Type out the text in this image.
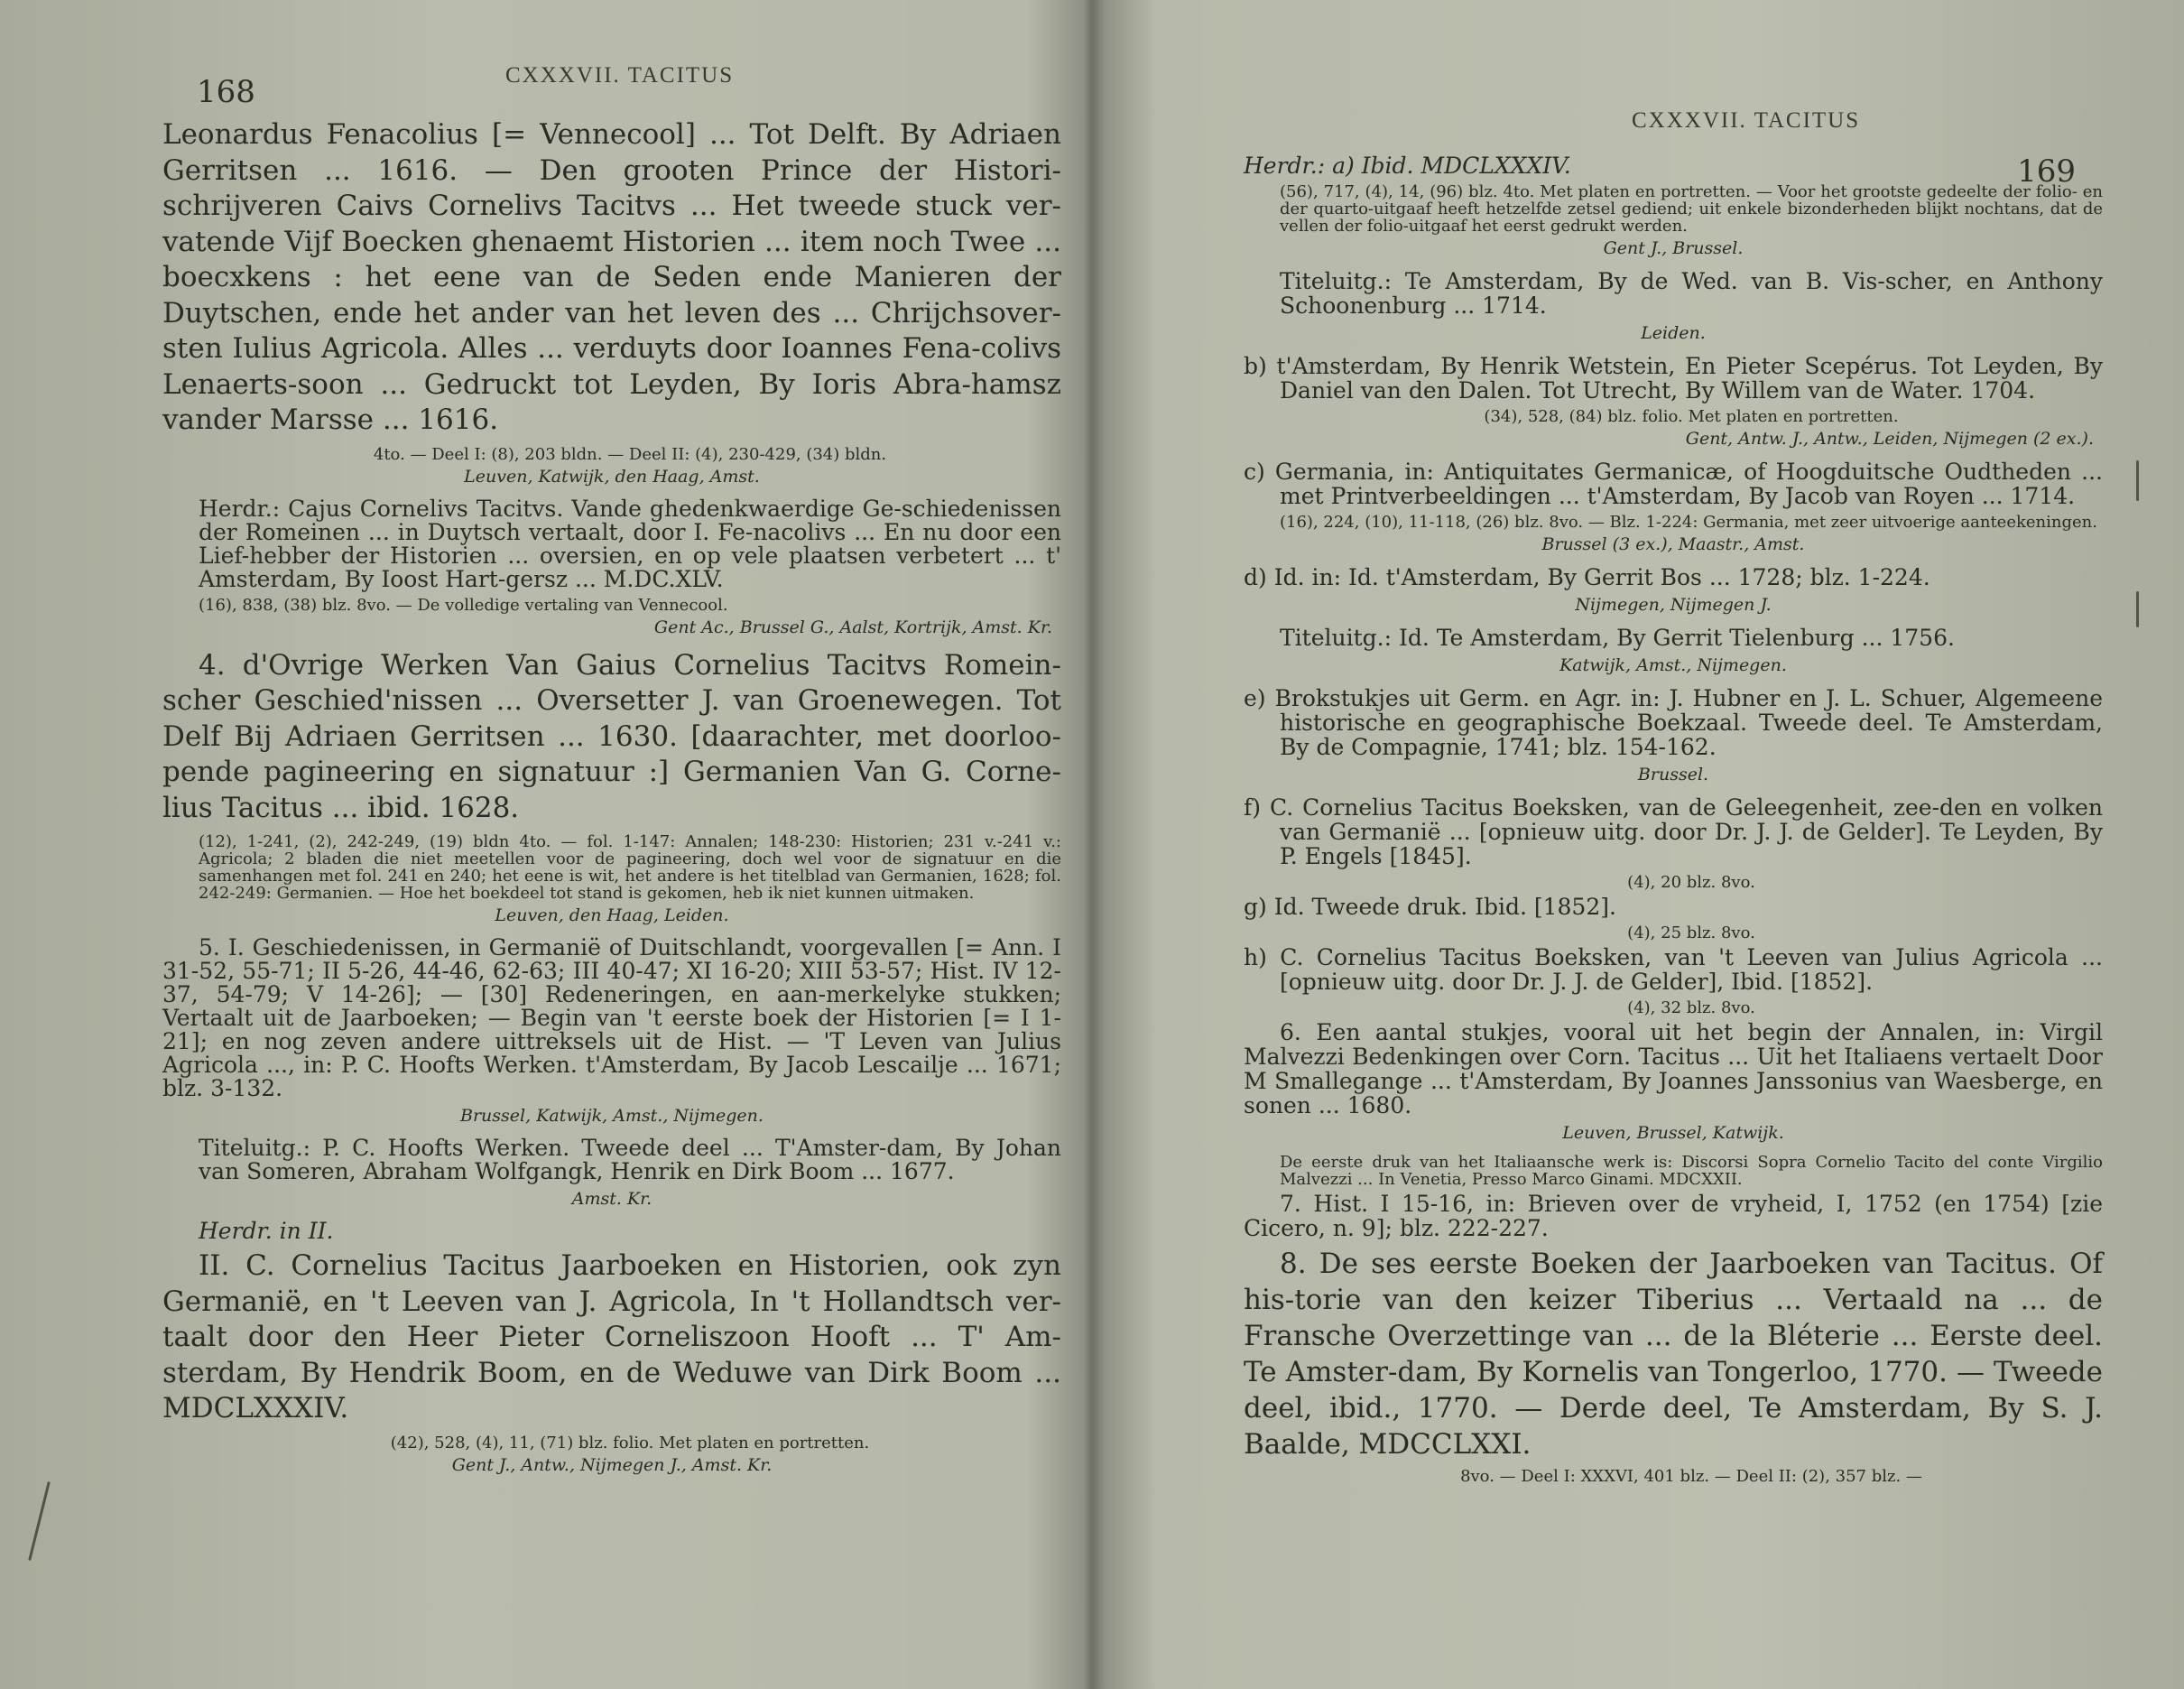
168	CXXXVII. TACITUS

Leonardus Fenacolius [= Vennecool] ... Tot Delft. By Adriaen Gerritsen ... 1616. — Den grooten Prince der Histori-schrijveren Caivs Cornelivs Tacitvs ... Het tweede stuck ver-vatende Vijf Boecken ghenaemt Historien ... item noch Twee ... boecxkens : het eene van de Seden ende Manieren der Duytschen, ende het ander van het leven des ... Chrijchsover-sten Iulius Agricola. Alles ... verduyts door Ioannes Fena-colivs Lenaerts-soon ... Gedruckt tot Leyden, By Ioris Abra-hamsz vander Marsse ... 1616.

4to. — Deel I: (8), 203 bldn. — Deel II: (4), 230-429, (34) bldn.

Leuven, Katwijk, den Haag, Amst.

Herdr.: Cajus Cornelivs Tacitvs. Vande ghedenkwaerdige Ge-schiedenissen der Romeinen ... in Duytsch vertaalt, door I. Fe-nacolivs ... En nu door een Lief-hebber der Historien ... oversien, en op vele plaatsen verbetert ... t' Amsterdam, By Ioost Hart-gersz ... M.DC.XLV.

(16), 838, (38) blz. 8vo. — De volledige vertaling van Vennecool.

Gent Ac., Brussel G., Aalst, Kortrijk, Amst. Kr.

4. d'Ovrige Werken Van Gaius Cornelius Tacitvs Romein-scher Geschied'nissen ... Oversetter J. van Groenewegen. Tot Delf Bij Adriaen Gerritsen ... 1630. [daarachter, met doorloo-pende pagineering en signatuur :] Germanien Van G. Corne-lius Tacitus ... ibid. 1628.

(12), 1-241, (2), 242-249, (19) bldn 4to. — fol. 1-147: Annalen; 148-230: Historien; 231 v.-241 v.: Agricola; 2 bladen die niet meetellen voor de pagineering, doch wel voor de signatuur en die samenhangen met fol. 241 en 240; het eene is wit, het andere is het titelblad van Germanien, 1628; fol. 242-249: Germanien. — Hoe het boekdeel tot stand is gekomen, heb ik niet kunnen uitmaken.

Leuven, den Haag, Leiden.

5. I. Geschiedenissen, in Germanië of Duitschlandt, voorgevallen [= Ann. I 31-52, 55-71; II 5-26, 44-46, 62-63; III 40-47; XI 16-20; XIII 53-57; Hist. IV 12-37, 54-79; V 14-26]; — [30] Redeneringen, en aan-merkelyke stukken; Vertaalt uit de Jaarboeken; — Begin van 't eerste boek der Historien [= I 1-21]; en nog zeven andere uittreksels uit de Hist. — 'T Leven van Julius Agricola ..., in: P. C. Hoofts Werken. t'Amsterdam, By Jacob Lescailje ... 1671; blz. 3-132.

Brussel, Katwijk, Amst., Nijmegen.

Titeluitg.: P. C. Hoofts Werken. Tweede deel ... T'Amster-dam, By Johan van Someren, Abraham Wolfgangk, Henrik en Dirk Boom ... 1677.

Amst. Kr.

Herdr. in II.

II. C. Cornelius Tacitus Jaarboeken en Historien, ook zyn Germanië, en 't Leeven van J. Agricola, In 't Hollandtsch ver-taalt door den Heer Pieter Corneliszoon Hooft ... T' Am-sterdam, By Hendrik Boom, en de Weduwe van Dirk Boom ... MDCLXXXIV.

(42), 528, (4), 11, (71) blz. folio. Met platen en portretten.

Gent J., Antw., Nijmegen J., Amst. Kr.

CXXXVII. TACITUS
169

Herdr.: a) Ibid. MDCLXXXIV.

(56), 717, (4), 14, (96) blz. 4to. Met platen en portretten. — Voor het grootste gedeelte der folio- en der quarto-uitgaaf heeft hetzelfde zetsel gediend; uit enkele bizonderheden blijkt nochtans, dat de vellen der folio-uitgaaf het eerst gedrukt werden.

Gent J., Brussel.

Titeluitg.: Te Amsterdam, By de Wed. van B. Vis-scher, en Anthony Schoonenburg ... 1714.

Leiden.

b) t'Amsterdam, By Henrik Wetstein, En Pieter Scepérus. Tot Leyden, By Daniel van den Dalen. Tot Utrecht, By Willem van de Water. 1704.

(34), 528, (84) blz. folio. Met platen en portretten.

Gent, Antw. J., Antw., Leiden, Nijmegen (2 ex.).

c) Germania, in: Antiquitates Germanicæ, of Hoogduitsche Oudtheden ... met Printverbeeldingen ... t'Amsterdam, By Jacob van Royen ... 1714.

(16), 224, (10), 11-118, (26) blz. 8vo. — Blz. 1-224: Germania, met zeer uitvoerige aanteekeningen.

Brussel (3 ex.), Maastr., Amst.

d) Id. in: Id. t'Amsterdam, By Gerrit Bos ... 1728; blz. 1-224.

Nijmegen, Nijmegen J.

Titeluitg.: Id. Te Amsterdam, By Gerrit Tielenburg ... 1756.

Katwijk, Amst., Nijmegen.

e) Brokstukjes uit Germ. en Agr. in: J. Hubner en J. L. Schuer, Algemeene historische en geographische Boekzaal. Tweede deel. Te Amsterdam, By de Compagnie, 1741; blz. 154-162.

Brussel.

f) C. Cornelius Tacitus Boeksken, van de Geleegenheit, zee-den en volken van Germanië ... [opnieuw uitg. door Dr. J. J. de Gelder]. Te Leyden, By P. Engels [1845].

(4), 20 blz. 8vo.

g) Id. Tweede druk. Ibid. [1852].

(4), 25 blz. 8vo.

h) C. Cornelius Tacitus Boeksken, van 't Leeven van Julius Agricola ... [opnieuw uitg. door Dr. J. J. de Gelder], Ibid. [1852].

(4), 32 blz. 8vo.

6. Een aantal stukjes, vooral uit het begin der Annalen, in: Virgil Malvezzi Bedenkingen over Corn. Tacitus ... Uit het Italiaens vertaelt Door M Smallegange ... t'Amsterdam, By Joannes Janssonius van Waesberge, en sonen ... 1680.

Leuven, Brussel, Katwijk.

De eerste druk van het Italiaansche werk is: Discorsi Sopra Cornelio Tacito del conte Virgilio Malvezzi ... In Venetia, Presso Marco Ginami. MDCXXII.

7. Hist. I 15-16, in: Brieven over de vryheid, I, 1752 (en 1754) [zie Cicero, n. 9]; blz. 222-227.

8. De ses eerste Boeken der Jaarboeken van Tacitus. Of his-torie van den keizer Tiberius ... Vertaald na ... de Fransche Overzettinge van ... de la Bléterie ... Eerste deel. Te Amster-dam, By Kornelis van Tongerloo, 1770. — Tweede deel, ibid., 1770. — Derde deel, Te Amsterdam, By S. J. Baalde, MDCCLXXI.

8vo. — Deel I: XXXVI, 401 blz. — Deel II: (2), 357 blz. —
